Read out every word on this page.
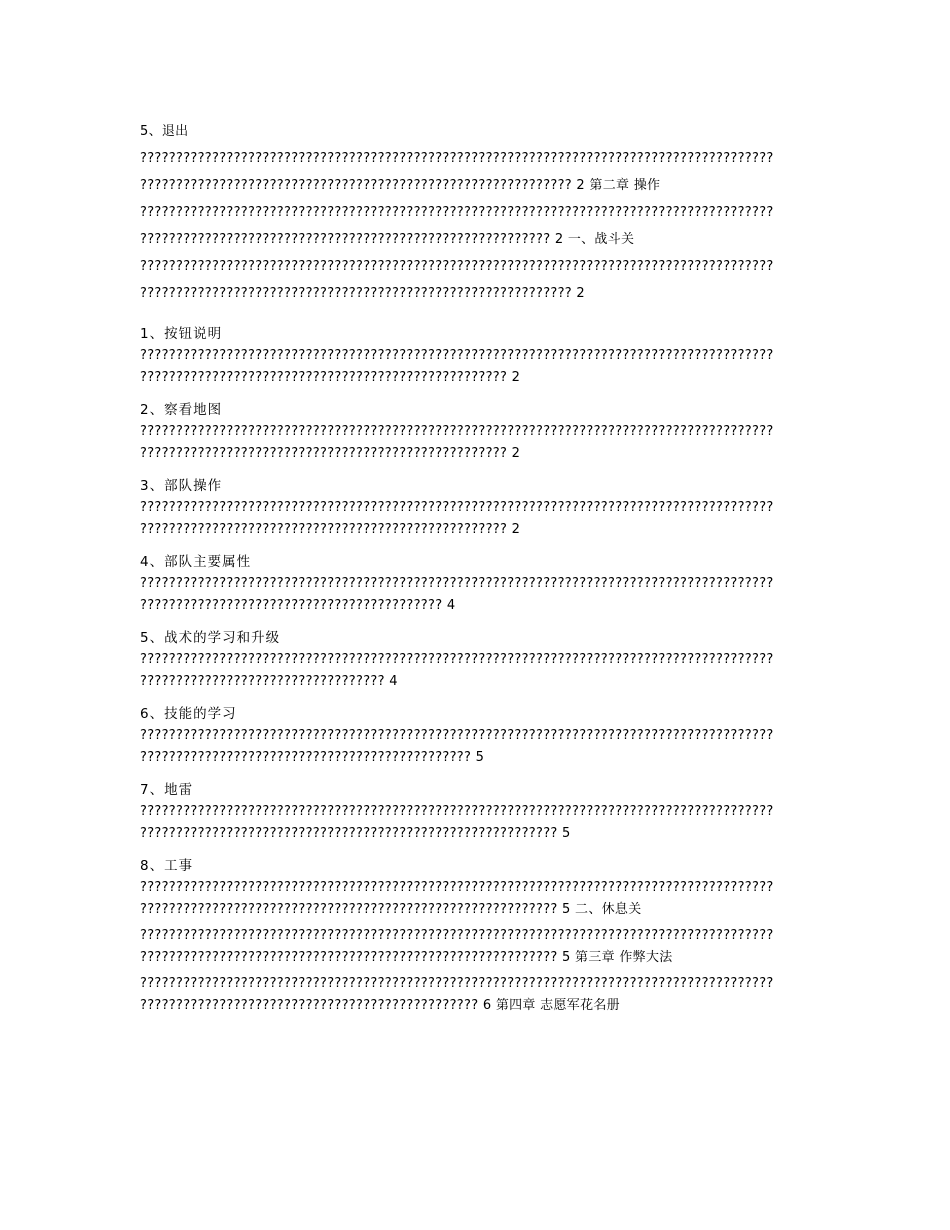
5、退出
????????????????????????????????????????????????????????????????????????????????????????
???????????????????????????????????????????????????????????? 2 第二章 操作
????????????????????????????????????????????????????????????????????????????????????????
????????????????????????????????????????????????????????? 2 一、战斗关
????????????????????????????????????????????????????????????????????????????????????????
???????????????????????????????????????????????????????????? 2
1、按钮说明
????????????????????????????????????????????????????????????????????????????????????????
??????????????????????????????????????????????????? 2
2、察看地图
????????????????????????????????????????????????????????????????????????????????????????
??????????????????????????????????????????????????? 2
3、部队操作
????????????????????????????????????????????????????????????????????????????????????????
??????????????????????????????????????????????????? 2
4、部队主要属性
????????????????????????????????????????????????????????????????????????????????????????
?????????????????????????????????????????? 4
5、战术的学习和升级
????????????????????????????????????????????????????????????????????????????????????????
?????????????????????????????????? 4
6、技能的学习
????????????????????????????????????????????????????????????????????????????????????????
?????????????????????????????????????????????? 5
7、地雷
????????????????????????????????????????????????????????????????????????????????????????
?????????????????????????????????????????????????????????? 5
8、工事
????????????????????????????????????????????????????????????????????????????????????????
?????????????????????????????????????????????????????????? 5 二、休息关
????????????????????????????????????????????????????????????????????????????????????????
?????????????????????????????????????????????????????????? 5 第三章 作弊大法
????????????????????????????????????????????????????????????????????????????????????????
??????????????????????????????????????????????? 6 第四章 志愿军花名册
